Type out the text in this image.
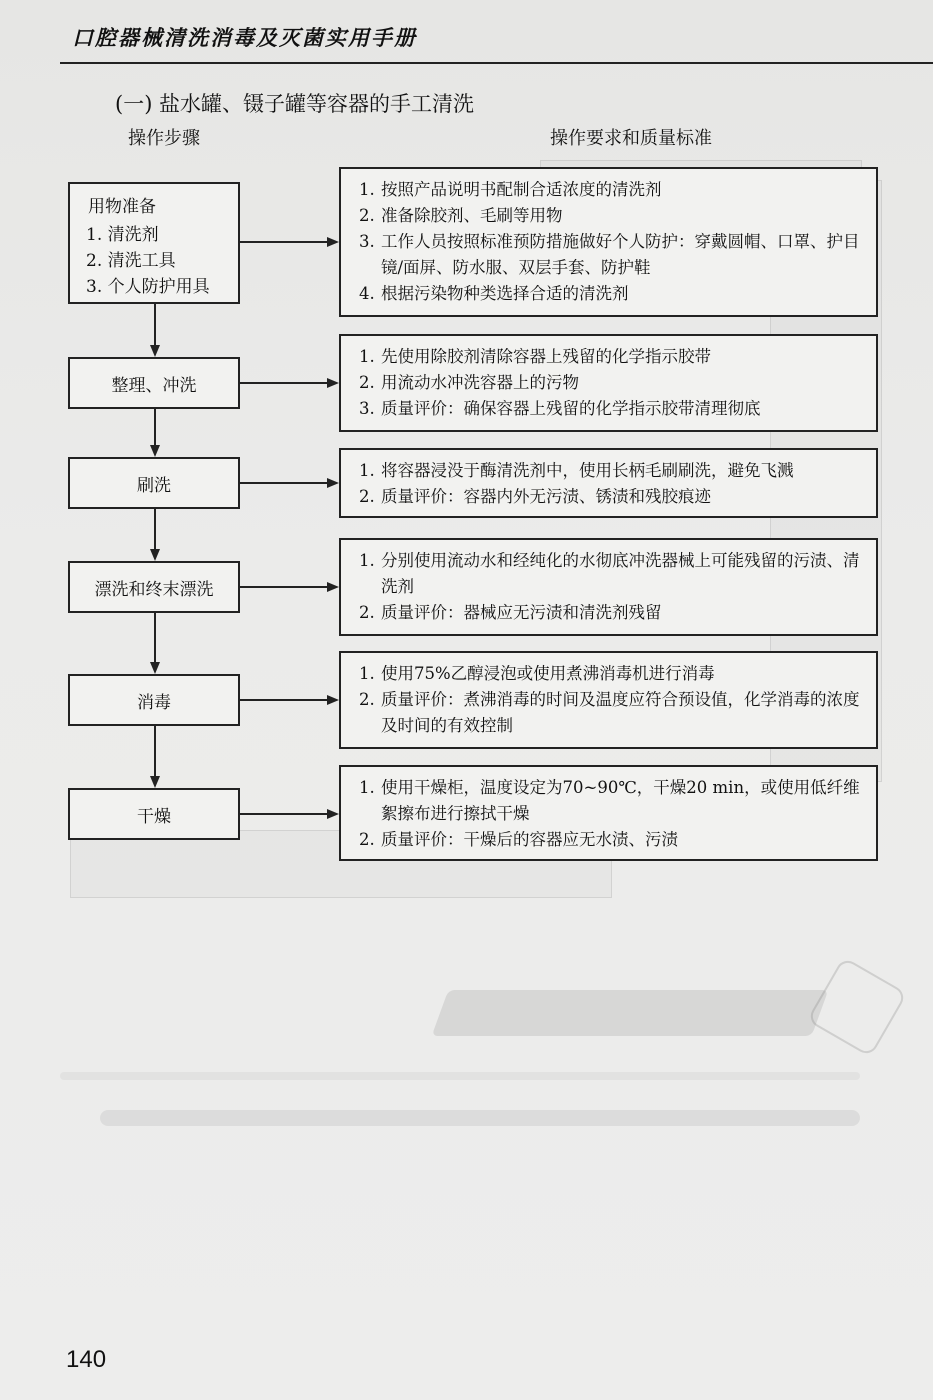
口腔器械清洗消毒及灭菌实用手册
(一) 盐水罐、镊子罐等容器的手工清洗
操作步骤	操作要求和质量标准
用物准备
1. 清洗剂
2. 清洗工具
3. 个人防护用具
1. 按照产品说明书配制合适浓度的清洗剂
2. 准备除胶剂、毛刷等用物
3. 工作人员按照标准预防措施做好个人防护：穿戴圆帽、口罩、护目镜/面屏、防水服、双层手套、防护鞋
4. 根据污染物种类选择合适的清洗剂
整理、冲洗
1. 先使用除胶剂清除容器上残留的化学指示胶带
2. 用流动水冲洗容器上的污物
3. 质量评价：确保容器上残留的化学指示胶带清理彻底
刷洗
1. 将容器浸没于酶清洗剂中，使用长柄毛刷刷洗，避免飞溅
2. 质量评价：容器内外无污渍、锈渍和残胶痕迹
漂洗和终末漂洗
1. 分别使用流动水和经纯化的水彻底冲洗器械上可能残留的污渍、清洗剂
2. 质量评价：器械应无污渍和清洗剂残留
消毒
1. 使用75%乙醇浸泡或使用煮沸消毒机进行消毒
2. 质量评价：煮沸消毒的时间及温度应符合预设值，化学消毒的浓度及时间的有效控制
干燥
1. 使用干燥柜，温度设定为70~90℃，干燥20 min，或使用低纤维絮擦布进行擦拭干燥
2. 质量评价：干燥后的容器应无水渍、污渍
140
